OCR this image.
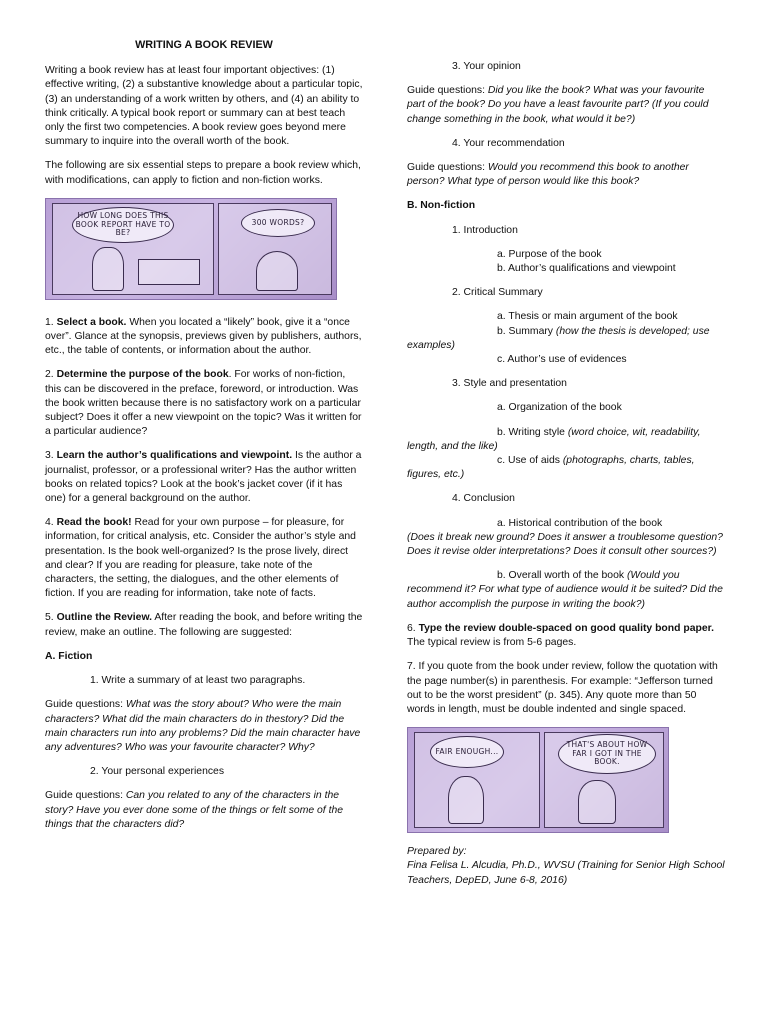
WRITING A BOOK REVIEW

Writing a book review has at least four important objectives: (1) effective writing, (2) a substantive knowledge about a particular topic, (3) an understanding of a work written by others, and (4) an ability to think critically. A typical book report or summary can at best teach only the first two competencies. A book review goes beyond mere summary to inquire into the overall worth of the book.

The following are six essential steps to prepare a book review which, with modifications, can apply to fiction and non-fiction works.

HOW LONG DOES THIS BOOK REPORT HAVE TO BE?
300 WORDS?

1. Select a book. When you located a “likely” book, give it a “once over”. Glance at the synopsis, previews given by publishers, authors, etc., the table of contents, or information about the author.

2. Determine the purpose of the book. For works of non-fiction, this can be discovered in the preface, foreword, or introduction. Was the book written because there is no satisfactory work on a particular subject? Does it offer a new viewpoint on the topic? Was it written for a particular audience?

3. Learn the author’s qualifications and viewpoint. Is the author a journalist, professor, or a professional writer? Has the author written books on related topics? Look at the book’s jacket cover (if it has one) for a general background on the author.

4. Read the book! Read for your own purpose – for pleasure, for information, for critical analysis, etc. Consider the author’s style and presentation. Is the book well-organized? Is the prose lively, direct and clear? If you are reading for pleasure, take note of the characters, the setting, the dialogues, and the other elements of fiction. If you are reading for information, take note of facts.

5. Outline the Review. After reading the book, and before writing the review, make an outline. The following are suggested:

A. Fiction

1. Write a summary of at least two paragraphs.

Guide questions: What was the story about? Who were the main characters? What did the main characters do in thestory? Did the main characters run into any problems? Did the main character have any adventures? Who was your favourite character? Why?

2. Your personal experiences

Guide questions: Can you related to any of the characters in the story? Have you ever done some of the things or felt some of the things that the characters did?

3. Your opinion

Guide questions: Did you like the book? What was your favourite part of the book? Do you have a least favourite part? (If you could change something in the book, what would it be?)

4. Your recommendation

Guide questions: Would you recommend this book to another person? What type of person would like this book?

B. Non-fiction

1. Introduction

a. Purpose of the book

b. Author’s qualifications and viewpoint

2. Critical Summary

a. Thesis or main argument of the book

b. Summary (how the thesis is developed; use examples)

c. Author’s use of evidences

3. Style and presentation

a. Organization of the book

b. Writing style (word choice, wit, readability, length, and the like)

c. Use of aids (photographs, charts, tables, figures, etc.)

4. Conclusion

a. Historical contribution of the book
(Does it break new ground? Does it answer a troublesome question? Does it revise older interpretations? Does it consult other sources?)

b. Overall worth of the book (Would you recommend it? For what type of audience would it be suited? Did the author accomplish the purpose in writing the book?)

6. Type the review double-spaced on good quality bond paper. The typical review is from 5-6 pages.

7. If you quote from the book under review, follow the quotation with the page number(s) in parenthesis. For example: “Jefferson turned out to be the worst president” (p. 345). Any quote more than 50 words in length, must be double indented and single spaced.

FAIR ENOUGH...
THAT'S ABOUT HOW FAR I GOT IN THE BOOK.

Prepared by:

Fina Felisa L. Alcudia, Ph.D., WVSU (Training for Senior High School Teachers, DepED, June 6-8, 2016)
